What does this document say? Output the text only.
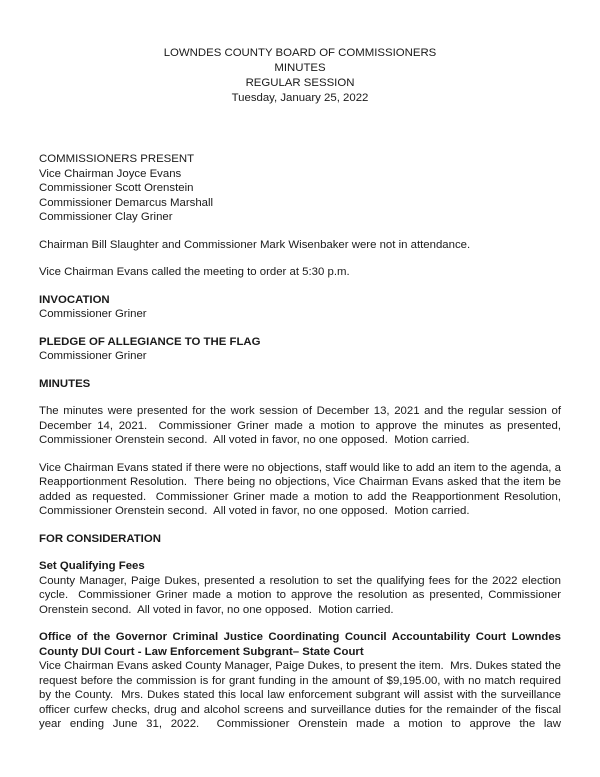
LOWNDES COUNTY BOARD OF COMMISSIONERS
MINUTES
REGULAR SESSION
Tuesday, January 25, 2022
COMMISSIONERS PRESENT
Vice Chairman Joyce Evans
Commissioner Scott Orenstein
Commissioner Demarcus Marshall
Commissioner Clay Griner

Chairman Bill Slaughter and Commissioner Mark Wisenbaker were not in attendance.

Vice Chairman Evans called the meeting to order at 5:30 p.m.

INVOCATION
Commissioner Griner
PLEDGE OF ALLEGIANCE TO THE FLAG
Commissioner Griner
MINUTES

The minutes were presented for the work session of December 13, 2021 and the regular session of December 14, 2021.  Commissioner Griner made a motion to approve the minutes as presented, Commissioner Orenstein second.  All voted in favor, no one opposed.  Motion carried.

Vice Chairman Evans stated if there were no objections, staff would like to add an item to the agenda, a Reapportionment Resolution.  There being no objections, Vice Chairman Evans asked that the item be added as requested.  Commissioner Griner made a motion to add the Reapportionment Resolution, Commissioner Orenstein second.  All voted in favor, no one opposed.  Motion carried.

FOR CONSIDERATION
Set Qualifying Fees
County Manager, Paige Dukes, presented a resolution to set the qualifying fees for the 2022 election cycle.  Commissioner Griner made a motion to approve the resolution as presented, Commissioner Orenstein second.  All voted in favor, no one opposed.  Motion carried.
Office of the Governor Criminal Justice Coordinating Council Accountability Court Lowndes County DUI Court - Law Enforcement Subgrant– State Court
Vice Chairman Evans asked County Manager, Paige Dukes, to present the item.  Mrs. Dukes stated the request before the commission is for grant funding in the amount of $9,195.00, with no match required by the County.  Mrs. Dukes stated this local law enforcement subgrant will assist with the surveillance officer curfew checks, drug and alcohol screens and surveillance duties for the remainder of the fiscal year ending June 31, 2022.  Commissioner Orenstein made a motion to approve the law
